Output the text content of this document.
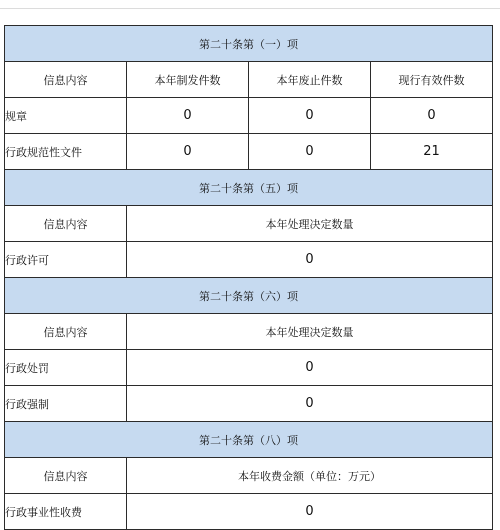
第二十条第（一）项			
信息内容	本年制发件数	本年废止件数	现行有效件数
规章	0	0	0
行政规范性文件	0	0	21
第二十条第（五）项			
信息内容	本年处理决定数量		
行政许可	0		
第二十条第（六）项			
信息内容	本年处理决定数量		
行政处罚	0		
行政强制	0		
第二十条第（八）项			
信息内容	本年收费金额（单位：万元）		
行政事业性收费	0		
